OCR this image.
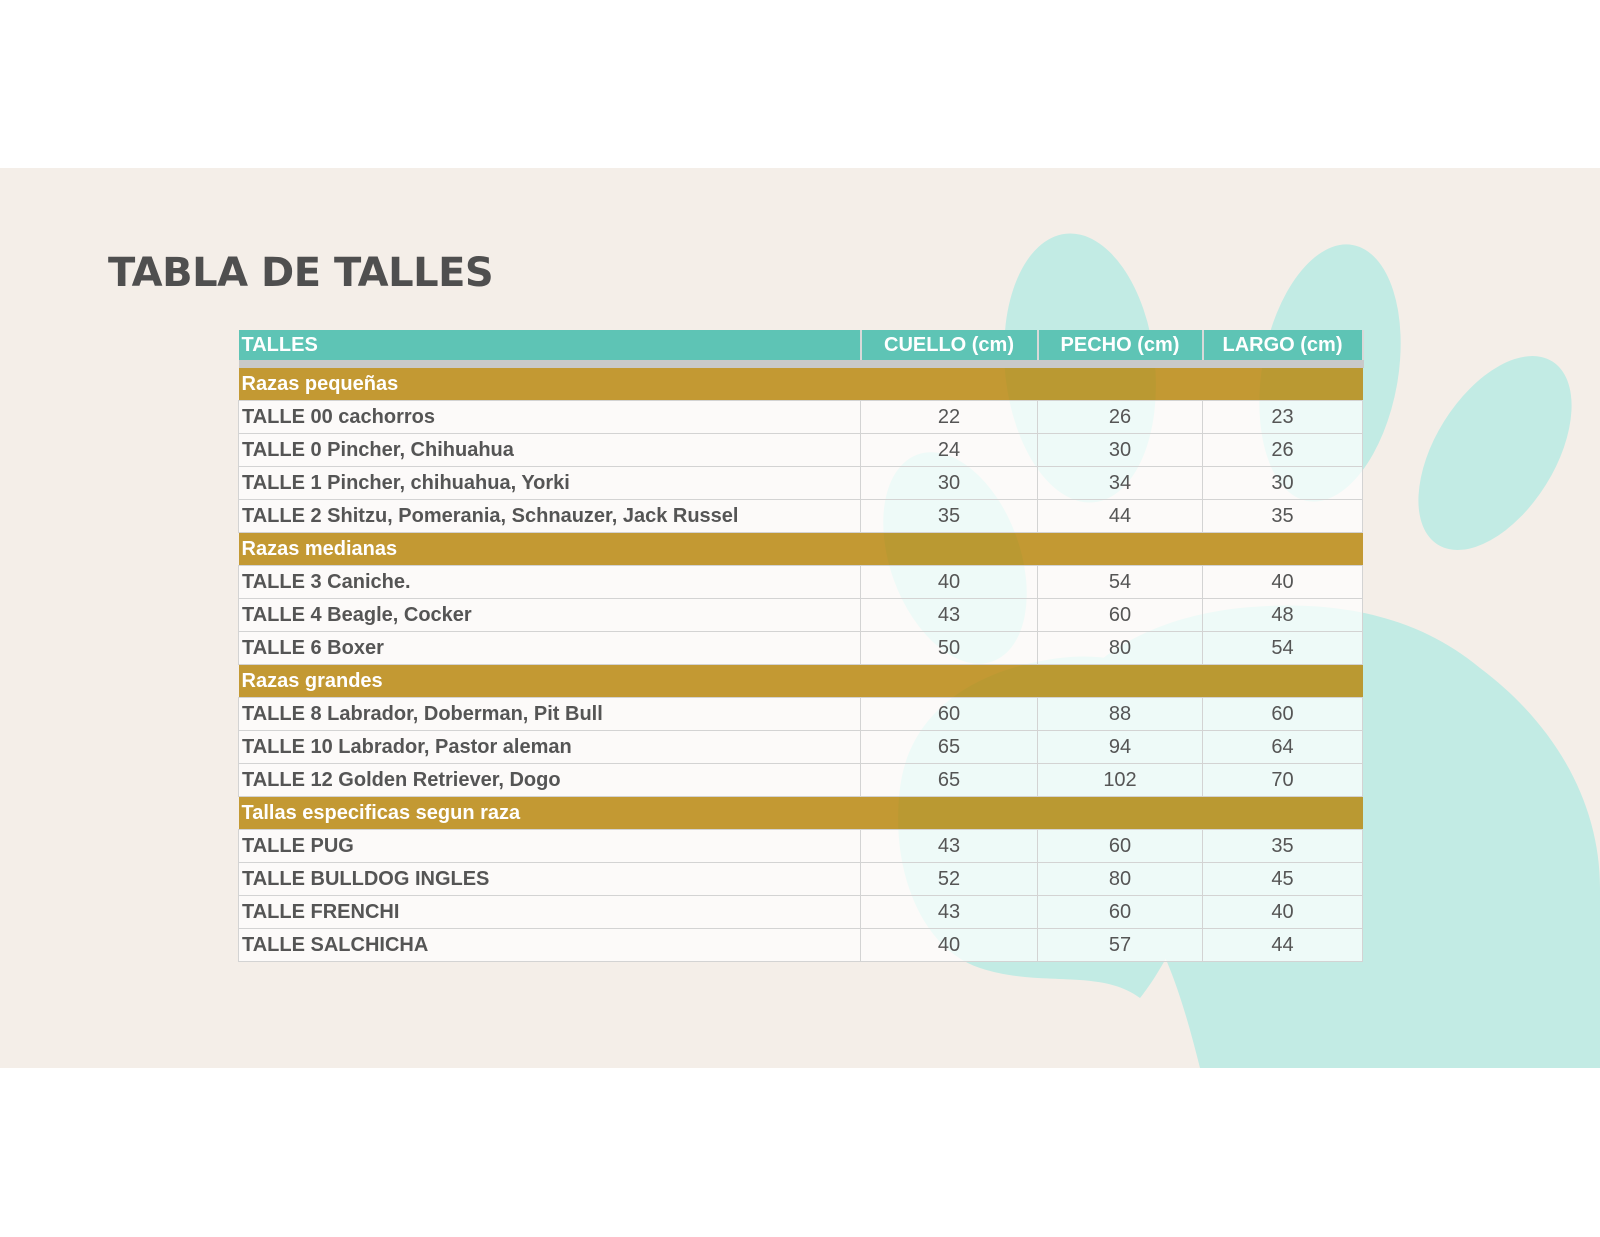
TABLA DE TALLES
TALLES	CUELLO (cm)	PECHO (cm)	LARGO (cm)
Razas pequeñas			
TALLE 00 cachorros	22	26	23
TALLE 0 Pincher, Chihuahua	24	30	26
TALLE 1 Pincher, chihuahua, Yorki	30	34	30
TALLE 2 Shitzu, Pomerania, Schnauzer, Jack Russel	35	44	35
Razas medianas			
TALLE 3 Caniche.	40	54	40
TALLE 4 Beagle, Cocker	43	60	48
TALLE 6 Boxer	50	80	54
Razas grandes			
TALLE 8 Labrador, Doberman, Pit Bull	60	88	60
TALLE 10 Labrador, Pastor aleman	65	94	64
TALLE 12 Golden Retriever, Dogo	65	102	70
Tallas especificas segun raza			
TALLE PUG	43	60	35
TALLE BULLDOG INGLES	52	80	45
TALLE FRENCHI	43	60	40
TALLE SALCHICHA	40	57	44
